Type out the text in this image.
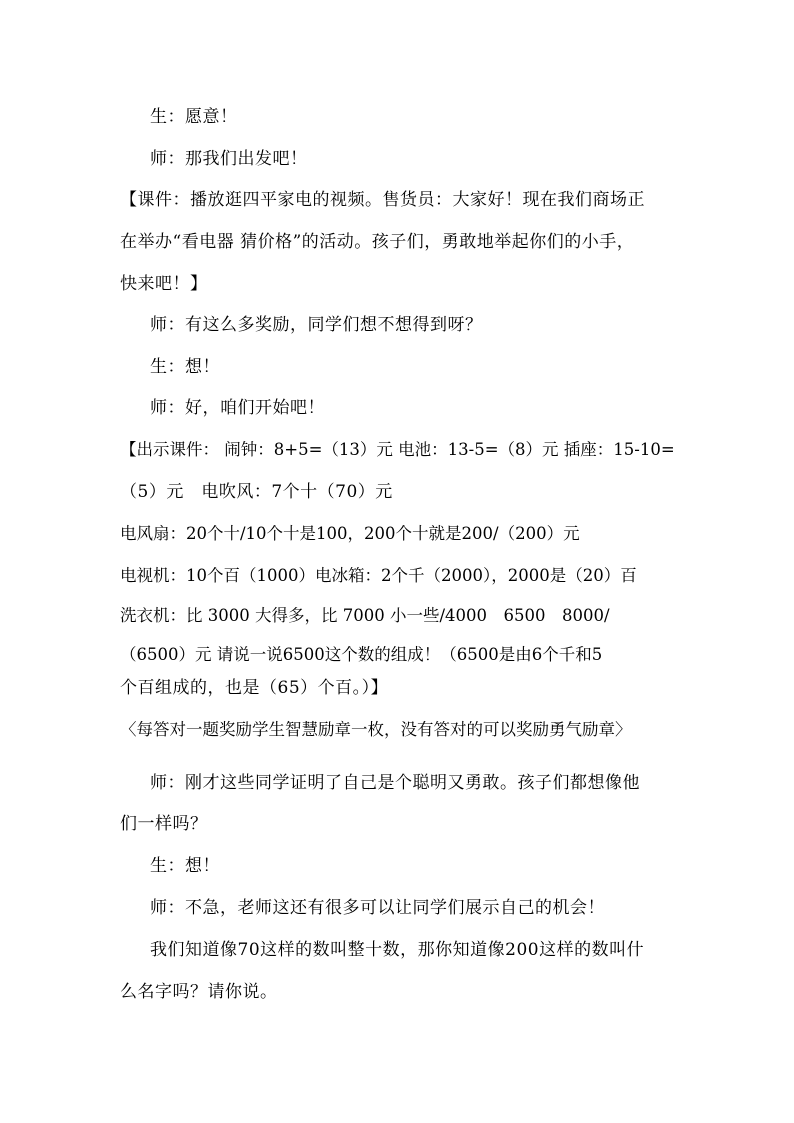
生：愿意！
师：那我们出发吧！
【课件：播放逛四平家电的视频。售货员：大家好！现在我们商场正
在举办“看电器 猜价格”的活动。孩子们，勇敢地举起你们的小手，
快来吧！】
师：有这么多奖励，同学们想不想得到呀？
生：想！
师：好，咱们开始吧！
【出示课件： 闹钟：8+5=（13）元 电池：13-5=（8）元 插座：15-10=
（5）元　电吹风：7个十（70）元
电风扇：20个十/10个十是100，200个十就是200/（200）元
电视机：10个百（1000）电冰箱：2个千（2000），2000是（20）百
洗衣机：比 3000 大得多，比 7000 小一些/4000　6500　8000/
（6500）元 请说一说6500这个数的组成！（6500是由6个千和5
个百组成的，也是（65）个百。）】
〈每答对一题奖励学生智慧励章一枚，没有答对的可以奖励勇气励章〉
师：刚才这些同学证明了自己是个聪明又勇敢。孩子们都想像他
们一样吗？
生：想！
师：不急，老师这还有很多可以让同学们展示自己的机会！
我们知道像70这样的数叫整十数，那你知道像200这样的数叫什
么名字吗？请你说。
